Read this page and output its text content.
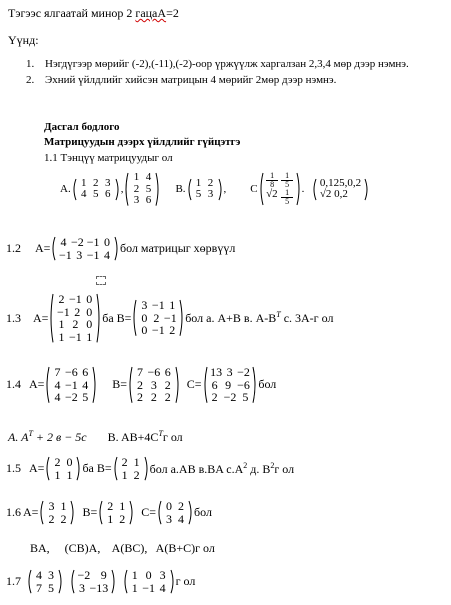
Тэгээс ялгаатай минор 2 гацаA=2
Үүнд:
1. Нэгдүгээр мөрийг (-2),(-11),(-2)-оор үржүүлж харгалзан 2,3,4 мөр дээр нэмнэ.
2. Эхний үйлдлийг хийсэн матрицын 4 мөрийг 2мөр дээр нэмнэ.
Дасгал бодлого
Матрицуудын дээрх үйлдлийг гүйцэтгэ
1.1 Тэнцүү матрицуудыг ол
A.
1 2 3
4 5 6 ,
1 4
2 5
3 6
B.
1 2
5 3 , C
1
8
1
5
√2 1
5
.
0,125,0,2
√2 0,2
1.2 A= 4 −2 −1 0
−1 3 −1 4 бол матрицыг хөрвүүл
1.3 A=
2 −1 0
−1 2 0
1 2 0
1 −1 1
ба B=
3 −1 1
0 2 −1
0 −1 2
бол а. A+B в. $A-B^T$ с. 3A-г ол
1.4 A=
7 −6 6
4 −1 4
4 −2 5
B=
7 −6 6
2 3 2
2 2 2
C=
13 3 −2
6 9 −6
2 −2 5
бол
A. $A^T + 2$ в − 5с B. $AB+4C^Tг$ ол
1.5 A= 2 0
1 1 ба B= 2 1
1 2 бол а.AB в.BA $с.A^2$ д. $B^2г$ ол
1.6 A= 3 1
2 2 B= 2 1
1 2 C= 0 2
3 4 бол
BA,     (CB)A,    A(BC),   A(B+C)г ол
1.7 4 3
7 5
−2 9
3 −13
1 0 3
1 −1 4 г ол
